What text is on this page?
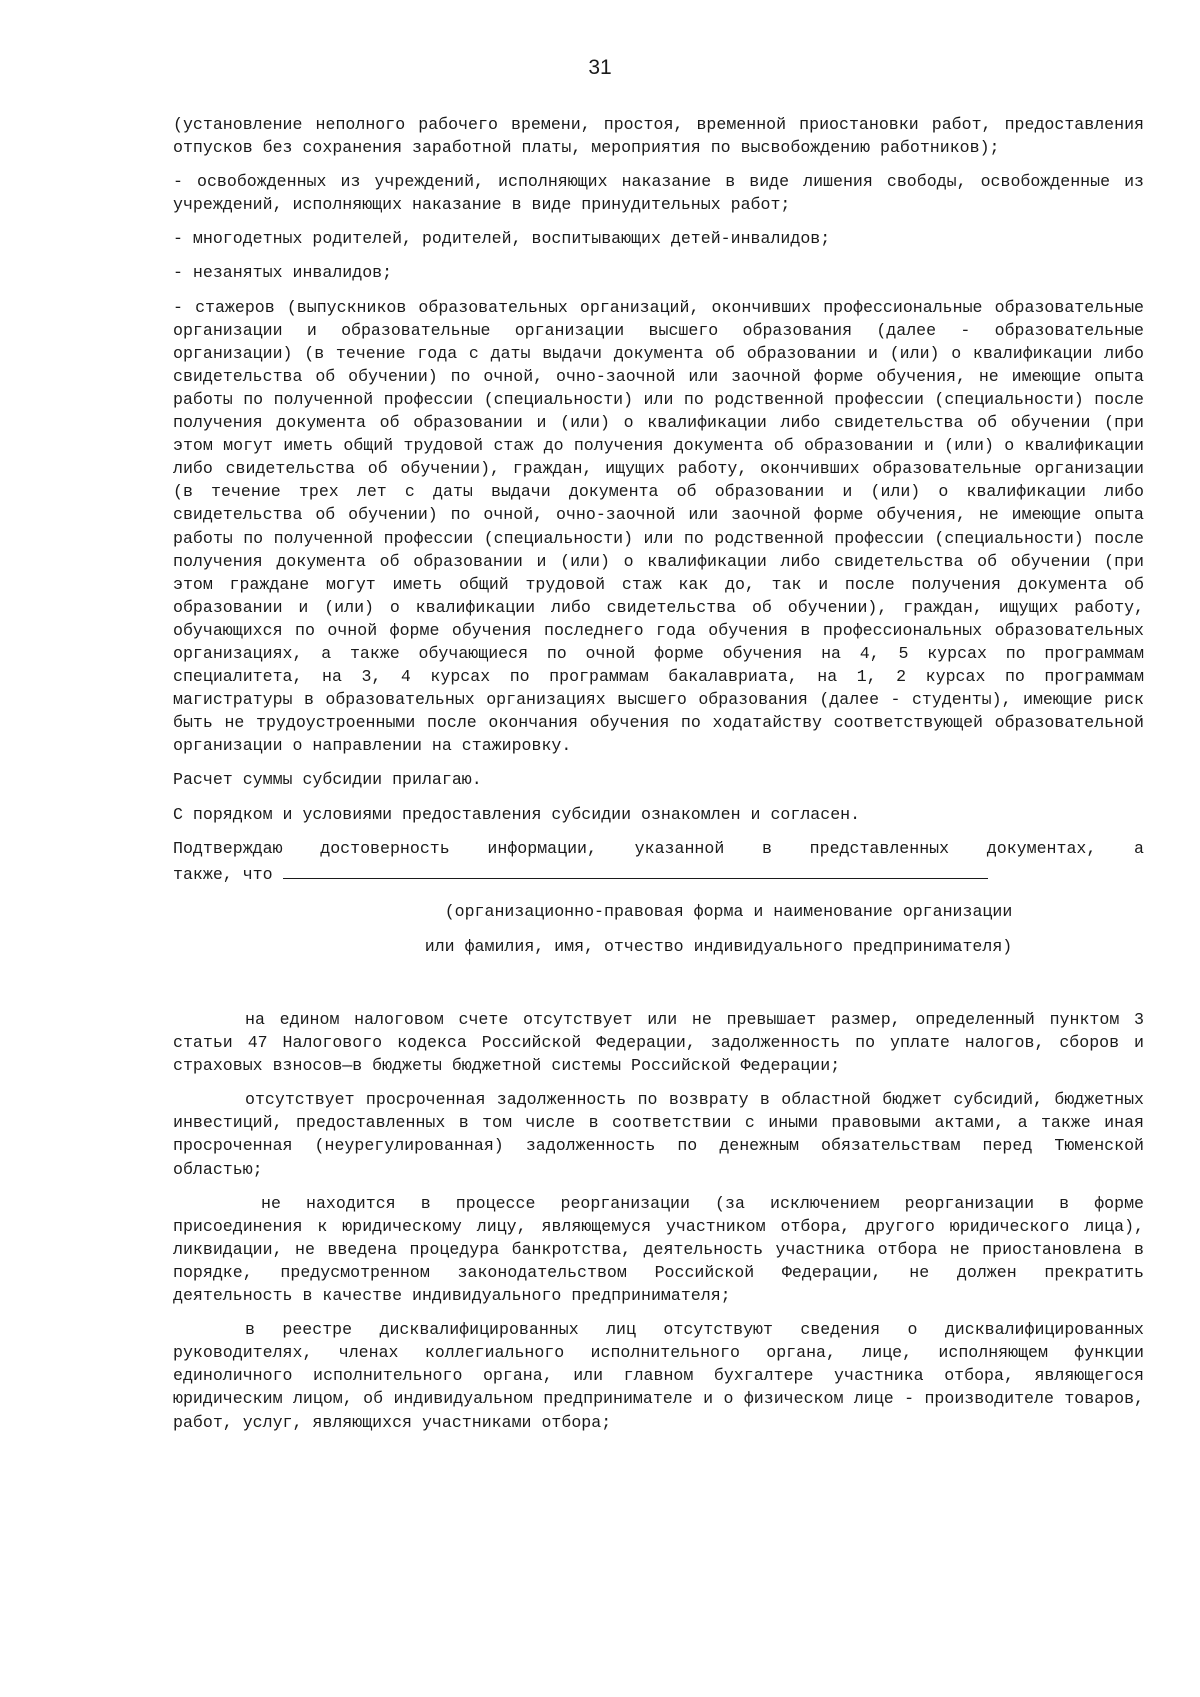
31

(установление неполного рабочего времени, простоя, временной приостановки работ, предоставления отпусков без сохранения заработной платы, мероприятия по высвобождению работников);

- освобожденных из учреждений, исполняющих наказание в виде лишения свободы, освобожденные из учреждений, исполняющих наказание в виде принудительных работ;

- многодетных родителей, родителей, воспитывающих детей-инвалидов;

- незанятых инвалидов;

- стажеров (выпускников образовательных организаций, окончивших профессиональные образовательные организации и образовательные организации высшего образования (далее - образовательные организации) (в течение года с даты выдачи документа об образовании и (или) о квалификации либо свидетельства об обучении) по очной, очно-заочной или заочной форме обучения, не имеющие опыта работы по полученной профессии (специальности) или по родственной профессии (специальности) после получения документа об образовании и (или) о квалификации либо свидетельства об обучении (при этом могут иметь общий трудовой стаж до получения документа об образовании и (или) о квалификации либо свидетельства об обучении), граждан, ищущих работу, окончивших образовательные организации (в течение трех лет с даты выдачи документа об образовании и (или) о квалификации либо свидетельства об обучении) по очной, очно-заочной или заочной форме обучения, не имеющие опыта работы по полученной профессии (специальности) или по родственной профессии (специальности) после получения документа об образовании и (или) о квалификации либо свидетельства об обучении (при этом граждане могут иметь общий трудовой стаж как до, так и после получения документа об образовании и (или) о квалификации либо свидетельства об обучении), граждан, ищущих работу, обучающихся по очной форме обучения последнего года обучения в профессиональных образовательных организациях, а также обучающиеся по очной форме обучения на 4, 5 курсах по программам специалитета, на 3, 4 курсах по программам бакалавриата, на 1, 2 курсах по программам магистратуры в образовательных организациях высшего образования (далее - студенты), имеющие риск быть не трудоустроенными после окончания обучения по ходатайству соответствующей образовательной организации о направлении на стажировку.

Расчет суммы субсидии прилагаю.

С порядком и условиями предоставления субсидии ознакомлен и согласен.

Подтверждаю достоверность информации, указанной в представленных документах, а

также, что

(организационно-правовая форма и наименование организации

или фамилия, имя, отчество индивидуального предпринимателя)

на едином налоговом счете отсутствует или не превышает размер, определенный пунктом 3 статьи 47 Налогового кодекса Российской Федерации, задолженность по уплате налогов, сборов и страховых взносов—в бюджеты бюджетной системы Российской Федерации;

отсутствует просроченная задолженность по возврату в областной бюджет субсидий, бюджетных инвестиций, предоставленных в том числе в соответствии с иными правовыми актами, а также иная просроченная (неурегулированная) задолженность по денежным обязательствам перед Тюменской областью;

не находится в процессе реорганизации (за исключением реорганизации в форме присоединения к юридическому лицу, являющемуся участником отбора, другого юридического лица), ликвидации, не введена процедура банкротства, деятельность участника отбора не приостановлена в порядке, предусмотренном законодательством Российской Федерации, не должен прекратить деятельность в качестве индивидуального предпринимателя;

в реестре дисквалифицированных лиц отсутствуют сведения о дисквалифицированных руководителях, членах коллегиального исполнительного органа, лице, исполняющем функции единоличного исполнительного органа, или главном бухгалтере участника отбора, являющегося юридическим лицом, об индивидуальном предпринимателе и о физическом лице - производителе товаров, работ, услуг, являющихся участниками отбора;
